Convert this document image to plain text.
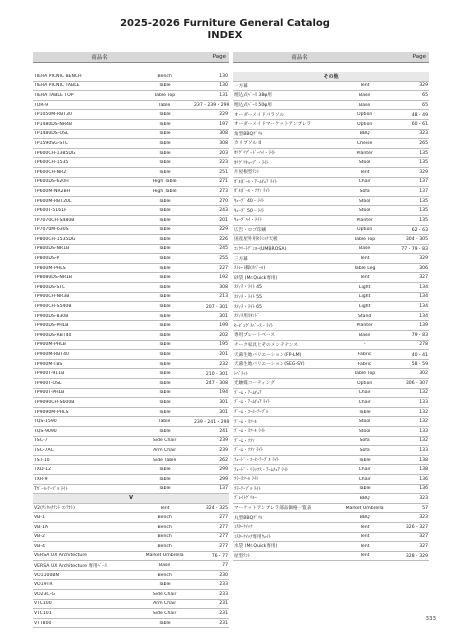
2025-2026 Furniture General Catalog
INDEX
商品名	Page
TIERA PICNIC BENCH	Bench	130
TIERA PICNIC TABLE	Table	130
TIERA TABLE TOP	Table Top	131
TOR-9	Table	237・239・299
TP1050M-RBT30	Table	229
TP1480DS-NR4B	Table	197
TP1480DS-OSL	Table	308
TP1590SG-STL	Table	308
TP600CH-1385DG	Table	203
TP600CH-1535	Table	223
TP600CH-NR2	Table	251
TP600DS-620H	High Table	271
TP600M-NR2BH	High Table	273
TP600M-RBT20L	Table	270
TP600T-5161F	Table	243
TP7070CH-S480B	Table	201
TP7070M-630S	Table	229
TP800CH-1535DG	Table	226
TP800DS-NR1B	Table	245
TP800DS-P	Table	255
TP800M-PHLS	Table	227
TP8080DS-NR1B	Table	192
TP800DS-STL	Table	308
TP900CH-NR3B	Table	213
TP900CH-S540B	Table	207・301
TP900DS-830B	Table	301
TP900DS-PHLB	Table	199
TP900DS-RBT40	Table	202
TP900M-PHLB	Table	195
TP900M-RBT40	Table	201
TP900M-TBS	Table	232
TP900T-911B	Table	210・301
TP900T-OSL	Table	247・308
TP900T-PHLB	Table	194
TP9090CH-S600B	Table	301
TP9090M-PHLS	Table	301
TQS-1590	Table	239・241・299
TQS-9090	Table	241
TSC-7	Side Chair	239
TSC-7AC	Arm Chair	239
TST-10	Side Table	262
TXD-12	Table	299
TXR-9	Table	299
Tｶﾞｰﾙ-ﾃｰﾌﾞﾙ ﾗｲﾄ	Table	137
V
V2(ﾜﾝﾀｯﾁﾃﾝﾄ ｺﾝﾃﾅﾄ)	Tent	324・325
VB-1	Bench	277
VB-1A	Bench	277
VB-2	Bench	277
VB-4	Bench	277
VERSA UX Architecture	Market Umbrella	76・77
VERSA UX Architecture 専用ﾍﾞｰｽ	Base	77
VO1100BN	Bench	230
VO19TR	Table	233
VO23C-G	Side Chair	233
VTC100	Arm Chair	231
VTC101	Side Chair	231
VTT800	Table	231
商品名	Page
その他
一方幕	Tent	329
埋込式ﾍﾞｰｽ 38φ用	Base	65
埋込式ﾍﾞｰｽ 50φ用	Base	65
オーダーメイドパラソル	Option	48・49
オーダーメイドマーケットアンブレラ	Option	60・61
角型BBQｸﾞﾘﾙ	BBQ	323
カリブソル II	Cheise	265
ｶﾘｸﾞﾘﾌﾟｰﾄﾞｰﾊｲ・ﾗｲﾄ	Planter	135
ｶﾘｸﾞﾘｷｭｰﾌﾞ・ﾗｲﾄ	Stool	135
片屋根型ﾃﾝﾄ	Tent	329
ｶﾞﾙﾎﾞｰﾙ・ｱｰﾑﾁｪｱ ﾗｲﾄ	Chair	137
ｶﾞﾙﾎﾞｰﾙ・ｿﾌｧ ﾗｲﾄ	Sofa	137
ｷｭｰﾌﾞ 40・ﾗｲﾄ	Stool	135
ｷｭｰﾌﾞ 50・ﾗｲﾄ	Stool	135
ｷｭｰﾌﾞﾊｲ・ﾗｲﾄ	Planter	135
広告・ロゴ印刷	Option	62・63
国産屋外用ｾﾗﾐｯｸ天板	Table Top	304・305
ｺﾝｸﾘｰﾄﾃﾞﾝﾖｰ(UMBROSA)	Base	77・79・83
三方幕	Tent	329
ｽﾄﾚｰﾄ脚(ｽﾊﾟｰﾙ)	Table Leg	306
砂袋 (Mr.Quick専用)	Tent	327
ｽﾌｨﾗ・ﾗｲﾄ 45	Light	134
ｽﾌｨﾗ・ﾗｲﾄ 55	Light	134
ｽﾌｨﾗ・ﾗｲﾄ 65	Light	134
ｽﾌｨﾗ用ｽﾀﾝﾄﾞ	Stand	134
ｾｰﾋﾞﾝｸﾞｽﾍﾞｰｽ・ﾗｲﾄ	Planter	139
専用プレートベース	Base	79・83
チーク家具とそのメンテナンス	-	278
天幕生地バリエーション(FP-LM)	Fabric	40・41
天幕生地バリエーション(SEG-SY)	Fabric	58・59
ﾄﾊﾞﾗｯﾄ	Table Top	302
光触媒コーティング	Option	306・307
ﾌﾞｰﾑ・ｱｰﾑﾁｪｱ	Chair	132
ﾌﾞｰﾑ・ｱｰﾑﾁｪｱ ﾗｲﾄ	Chair	133
ﾌﾞｰﾑ・ｺｰﾋｰﾃｰﾌﾞﾙ	Table	132
ﾌﾞｰﾑ・ｽﾂｰﾙ	Stool	132
ﾌﾞｰﾑ・ｽﾂｰﾙ ﾗｲﾄ	Stool	133
ﾌﾞｰﾑ・ｿﾌｧ	Sofa	132
ﾌﾞｰﾑ・ｿﾌｧ ﾗｲﾄ	Sofa	133
ﾌｪｰﾄﾞ・ｺｰﾋｰﾃｰﾌﾞﾙ ﾗｲﾄ	Table	138
ﾌｪｰﾄﾞ・ﾘﾗｯｸｽ・ｱｰﾑﾁｪｱ ﾗｲﾄ	Chair	138
ﾌﾗｰｽﾂｰﾙ ﾗｲﾄ	Chair	136
ﾌﾗｰﾃｰﾌﾞﾙ ﾗｲﾄ	Table	136
ﾌﾟﾚｲﾄｸﾞﾘﾙｰ	BBQ	323
マーケットアンブレラ部品価格一覧表	Market Umbrella	57
丸型BBQｸﾞﾘﾙ	BBQ	323
ﾐｽﾀｰｸｲｯｸ	Tent	326・327
ﾐｽﾀｰｸｲｯｸ専用ｳｪｲﾄ	Tent	327
水袋 (Mr.Quick専用)	Tent	327
屋型ﾃﾝﾄ	Tent	328・329
333
